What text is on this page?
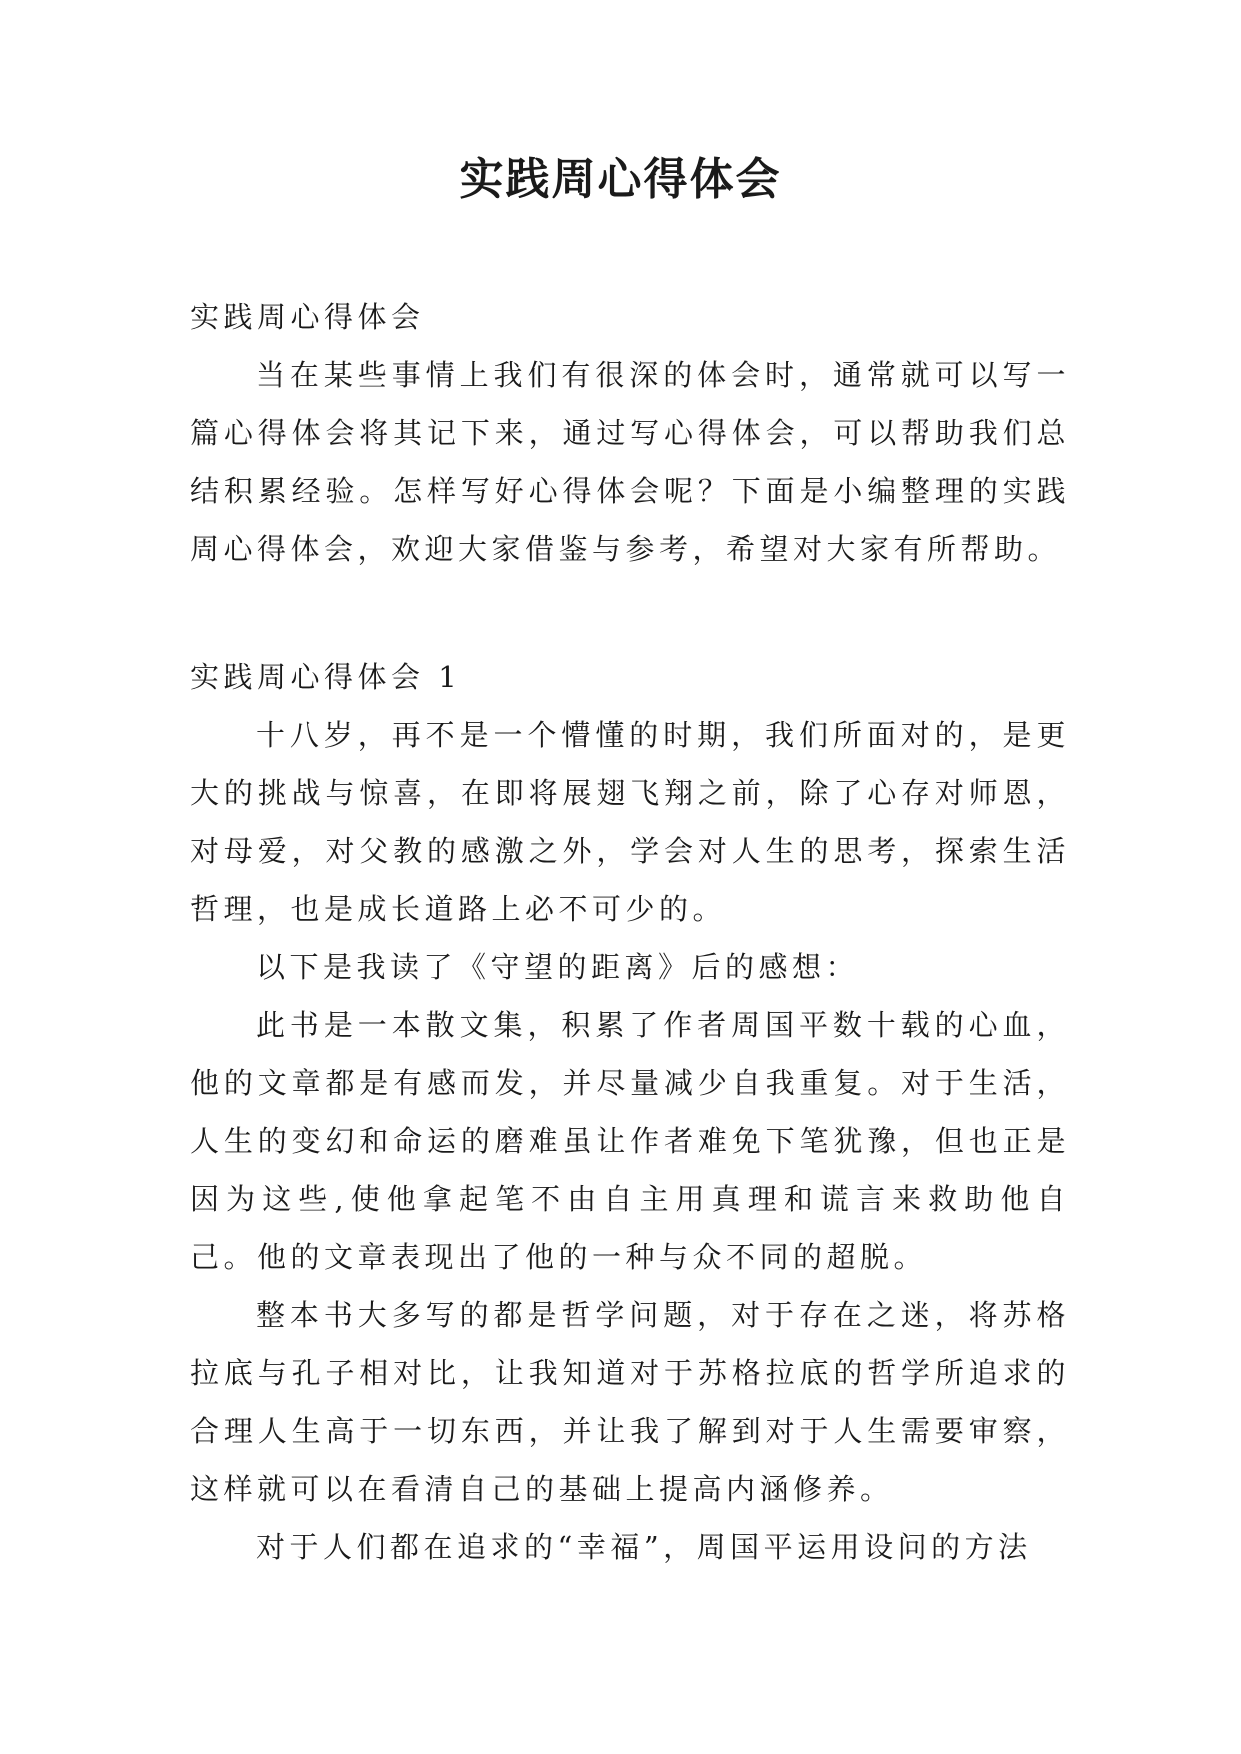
实践周心得体会

实践周心得体会

当在某些事情上我们有很深的体会时，通常就可以写一篇心得体会将其记下来，通过写心得体会，可以帮助我们总结积累经验。怎样写好心得体会呢？下面是小编整理的实践周心得体会，欢迎大家借鉴与参考，希望对大家有所帮助。

实践周心得体会 1

十八岁，再不是一个懵懂的时期，我们所面对的，是更大的挑战与惊喜，在即将展翅飞翔之前，除了心存对师恩，对母爱，对父教的感激之外，学会对人生的思考，探索生活哲理，也是成长道路上必不可少的。

以下是我读了《守望的距离》后的感想：

此书是一本散文集，积累了作者周国平数十载的心血，他的文章都是有感而发，并尽量减少自我重复。对于生活，人生的变幻和命运的磨难虽让作者难免下笔犹豫，但也正是因为这些,使他拿起笔不由自主用真理和谎言来救助他自己。他的文章表现出了他的一种与众不同的超脱。

整本书大多写的都是哲学问题，对于存在之迷，将苏格拉底与孔子相对比，让我知道对于苏格拉底的哲学所追求的合理人生高于一切东西，并让我了解到对于人生需要审察，这样就可以在看清自己的基础上提高内涵修养。

对于人们都在追求的“幸福”，周国平运用设问的方法
